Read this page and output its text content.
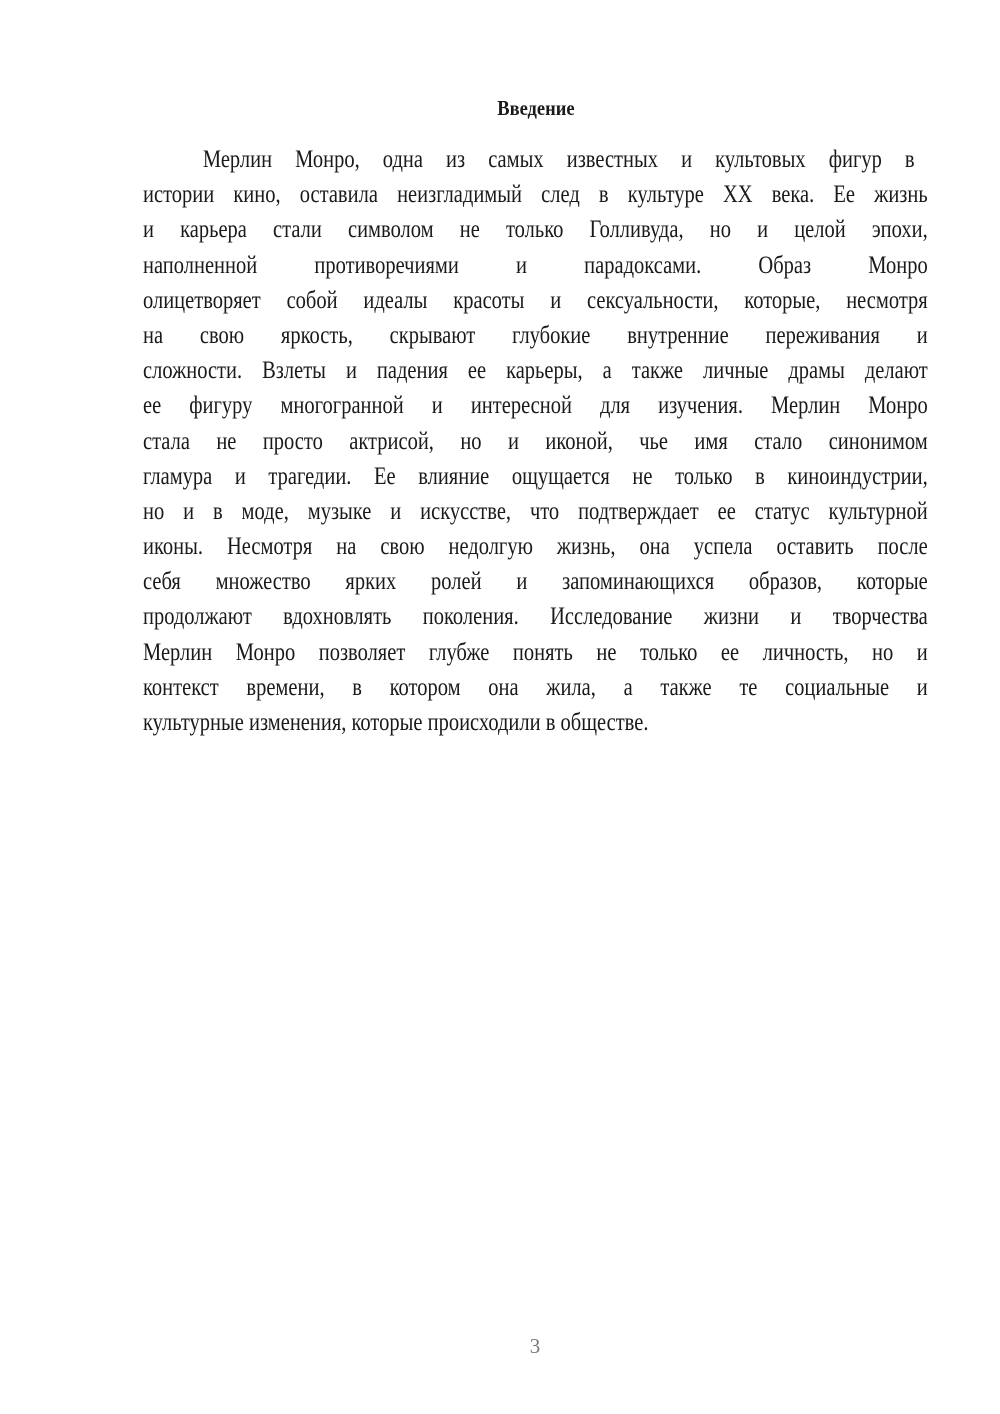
Введение
Мерлин Монро, одна из самых известных и культовых фигур в
истории кино, оставила неизгладимый след в культуре XX века. Ее жизнь
и карьера стали символом не только Голливуда, но и целой эпохи,
наполненной противоречиями и парадоксами. Образ Монро
олицетворяет собой идеалы красоты и сексуальности, которые, несмотря
на свою яркость, скрывают глубокие внутренние переживания и
сложности. Взлеты и падения ее карьеры, а также личные драмы делают
ее фигуру многогранной и интересной для изучения. Мерлин Монро
стала не просто актрисой, но и иконой, чье имя стало синонимом
гламура и трагедии. Ее влияние ощущается не только в киноиндустрии,
но и в моде, музыке и искусстве, что подтверждает ее статус культурной
иконы. Несмотря на свою недолгую жизнь, она успела оставить после
себя множество ярких ролей и запоминающихся образов, которые
продолжают вдохновлять поколения. Исследование жизни и творчества
Мерлин Монро позволяет глубже понять не только ее личность, но и
контекст времени, в котором она жила, а также те социальные и
культурные изменения, которые происходили в обществе.
3
